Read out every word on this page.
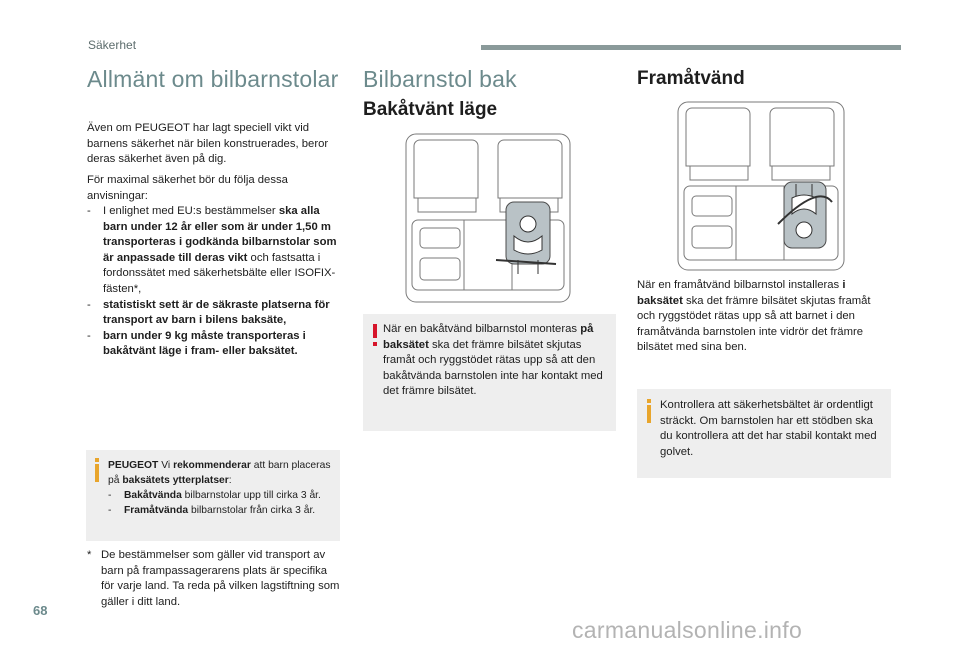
Säkerhet
Allmänt om bilbarnstolar

Även om PEUGEOT har lagt speciell vikt vid barnens säkerhet när bilen konstruerades, beror deras säkerhet även på dig.

För maximal säkerhet bör du följa dessa anvisningar:

- I enlighet med EU:s bestämmelser ska alla barn under 12 år eller som är under 1,50 m transporteras i godkända bilbarnstolar som är anpassade till deras vikt och fastsatta i fordonssätet med säkerhetsbälte eller ISOFIX-fästen*,
- statistiskt sett är de säkraste platserna för transport av barn i bilens baksäte,
- barn under 9 kg måste transporteras i bakåtvänt läge i fram- eller baksätet.
PEUGEOT Vi rekommenderar att barn placeras på baksätets ytterplatser:
- Bakåtvända bilbarnstolar upp till cirka 3 år.
- Framåtvända bilbarnstolar från cirka 3 år.
* De bestämmelser som gäller vid transport av barn på frampassagerarens plats är specifika för varje land. Ta reda på vilken lagstiftning som gäller i ditt land.
Bilbarnstol bak
Bakåtvänt läge

När en bakåtvänd bilbarnstol monteras på baksätet ska det främre bilsätet skjutas framåt och ryggstödet rätas upp så att den bakåtvända barnstolen inte har kontakt med det främre bilsätet.

Framåtvänd

När en framåtvänd bilbarnstol installeras i baksätet ska det främre bilsätet skjutas framåt och ryggstödet rätas upp så att barnet i den framåtvända barnstolen inte vidrör det främre bilsätet med sina ben.

Kontrollera att säkerhetsbältet är ordentligt sträckt. Om barnstolen har ett stödben ska du kontrollera att det har stabil kontakt med golvet.

68
carmanualsonline.info
